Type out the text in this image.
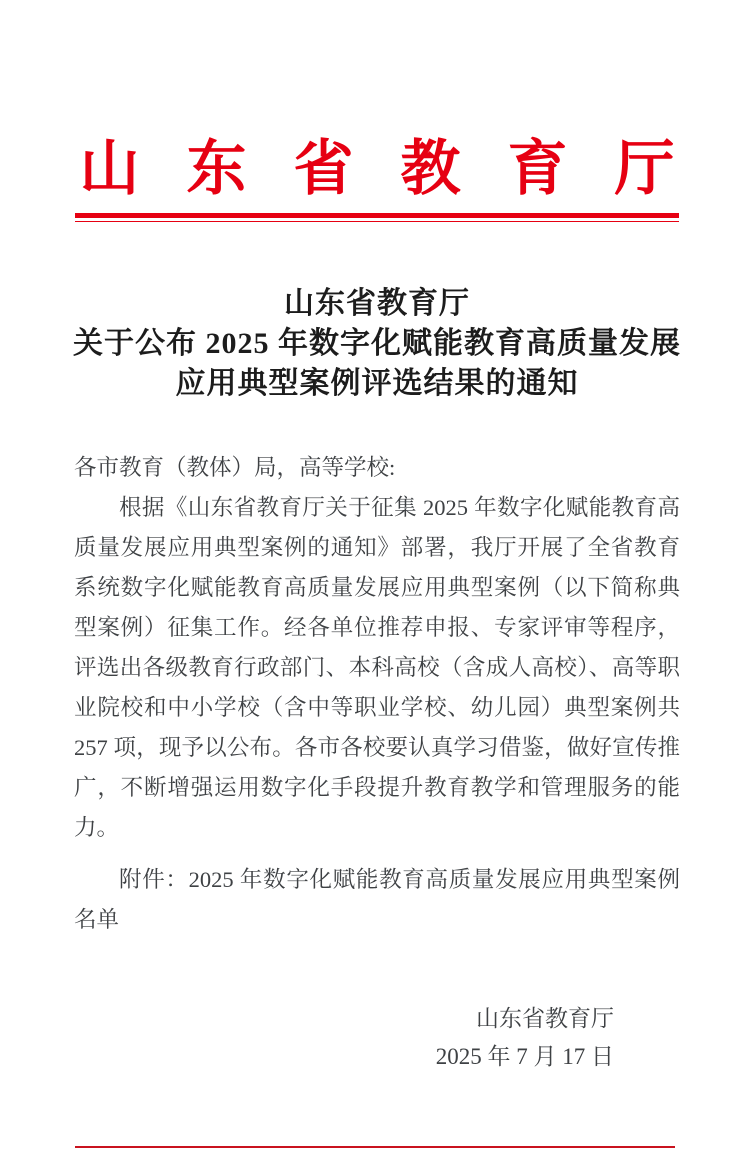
山东省教育厅
山东省教育厅
关于公布 2025 年数字化赋能教育高质量发展
应用典型案例评选结果的通知

各市教育（教体）局，高等学校:

根据《山东省教育厅关于征集 2025 年数字化赋能教育高质量发展应用典型案例的通知》部署，我厅开展了全省教育系统数字化赋能教育高质量发展应用典型案例（以下简称典型案例）征集工作。经各单位推荐申报、专家评审等程序，评选出各级教育行政部门、本科高校（含成人高校）、高等职业院校和中小学校（含中等职业学校、幼儿园）典型案例共 257 项，现予以公布。各市各校要认真学习借鉴，做好宣传推广，不断增强运用数字化手段提升教育教学和管理服务的能力。

附件：2025 年数字化赋能教育高质量发展应用典型案例名单

山东省教育厅
2025 年 7 月 17 日
